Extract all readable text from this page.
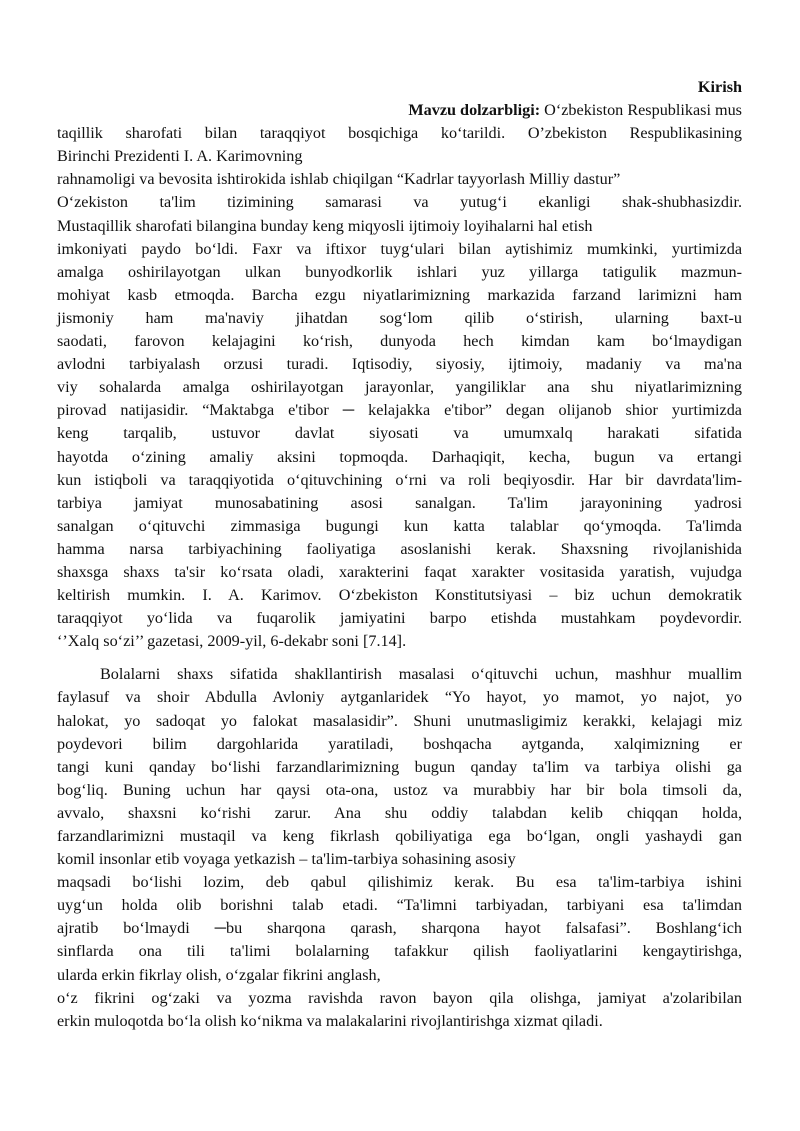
Kirish

Mavzu dolzarbligi: O‘zbekiston Respublikasi mus

taqillik sharofati bilan taraqqiyot bosqichiga ko‘tarildi. O’zbekiston Respublikasining
Birinchi Prezidenti I. A. Karimovning
rahnamoligi va bevosita ishtirokida ishlab chiqilgan “Kadrlar tayyorlash Milliy dastur”
O‘zekiston ta'lim tizimining samarasi va yutug‘i ekanligi shak-shubhasizdir.
Mustaqillik sharofati bilangina bunday keng miqyosli ijtimoiy loyihalarni hal etish
imkoniyati paydo bo‘ldi. Faxr va iftixor tuyg‘ulari bilan aytishimiz mumkinki, yurtimizda
amalga oshirilayotgan ulkan bunyodkorlik ishlari yuz yillarga tatigulik mazmun-
mohiyat kasb etmoqda. Barcha ezgu niyatlarimizning markazida farzand larimizni ham
jismoniy ham ma'naviy jihatdan sog‘lom qilib o‘stirish, ularning baxt-u
saodati, farovon kelajagini ko‘rish, dunyoda hech kimdan kam bo‘lmaydigan
avlodni tarbiyalash orzusi turadi. Iqtisodiy, siyosiy, ijtimoiy, madaniy va ma'na
viy sohalarda amalga oshirilayotgan jarayonlar, yangiliklar ana shu niyatlarimizning
pirovad natijasidir. “Maktabga e'tibor ─ kelajakka e'tibor” degan olijanob shior yurtimizda
keng tarqalib, ustuvor davlat siyosati va umumxalq harakati sifatida
hayotda o‘zining amaliy aksini topmoqda. Darhaqiqit, kecha, bugun va ertangi
kun istiqboli va taraqqiyotida o‘qituvchining o‘rni va roli beqiyosdir. Har bir davrdata'lim-
tarbiya jamiyat munosabatining asosi sanalgan. Ta'lim jarayonining yadrosi
sanalgan o‘qituvchi zimmasiga bugungi kun katta talablar qo‘ymoqda. Ta'limda
hamma narsa tarbiyachining faoliyatiga asoslanishi kerak. Shaxsning rivojlanishida
shaxsga shaxs ta'sir ko‘rsata oladi, xarakterini faqat xarakter vositasida yaratish, vujudga
keltirish mumkin. I. A. Karimov. O‘zbekiston Konstitutsiyasi – biz uchun demokratik
taraqqiyot yo‘lida va fuqarolik jamiyatini barpo etishda mustahkam poydevordir.
‘’Xalq so‘zi’’ gazetasi, 2009-yil, 6-dekabr soni [7.14].
Bolalarni shaxs sifatida shakllantirish masalasi o‘qituvchi uchun, mashhur muallim
faylasuf va shoir Abdulla Avloniy aytganlaridek “Yo hayot, yo mamot, yo najot, yo
halokat, yo sadoqat yo falokat masalasidir”. Shuni unutmasligimiz kerakki, kelajagi miz
poydevori bilim dargohlarida yaratiladi, boshqacha aytganda, xalqimizning er
tangi kuni qanday bo‘lishi farzandlarimizning bugun qanday ta'lim va tarbiya olishi ga
bog‘liq. Buning uchun har qaysi ota-ona, ustoz va murabbiy har bir bola timsoli da,
avvalo, shaxsni ko‘rishi zarur. Ana shu oddiy talabdan kelib chiqqan holda,
farzandlarimizni mustaqil va keng fikrlash qobiliyatiga ega bo‘lgan, ongli yashaydi gan
komil insonlar etib voyaga yetkazish – ta'lim-tarbiya sohasining asosiy
maqsadi bo‘lishi lozim, deb qabul qilishimiz kerak. Bu esa ta'lim-tarbiya ishini
uyg‘un holda olib borishni talab etadi. “Ta'limni tarbiyadan, tarbiyani esa ta'limdan
ajratib bo‘lmaydi ─bu sharqona qarash, sharqona hayot falsafasi”. Boshlang‘ich
sinflarda ona tili ta'limi bolalarning tafakkur qilish faoliyatlarini kengaytirishga,
ularda erkin fikrlay olish, o‘zgalar fikrini anglash,
o‘z fikrini og‘zaki va yozma ravishda ravon bayon qila olishga, jamiyat a'zolaribilan
erkin muloqotda bo‘la olish ko‘nikma va malakalarini rivojlantirishga xizmat qiladi.
